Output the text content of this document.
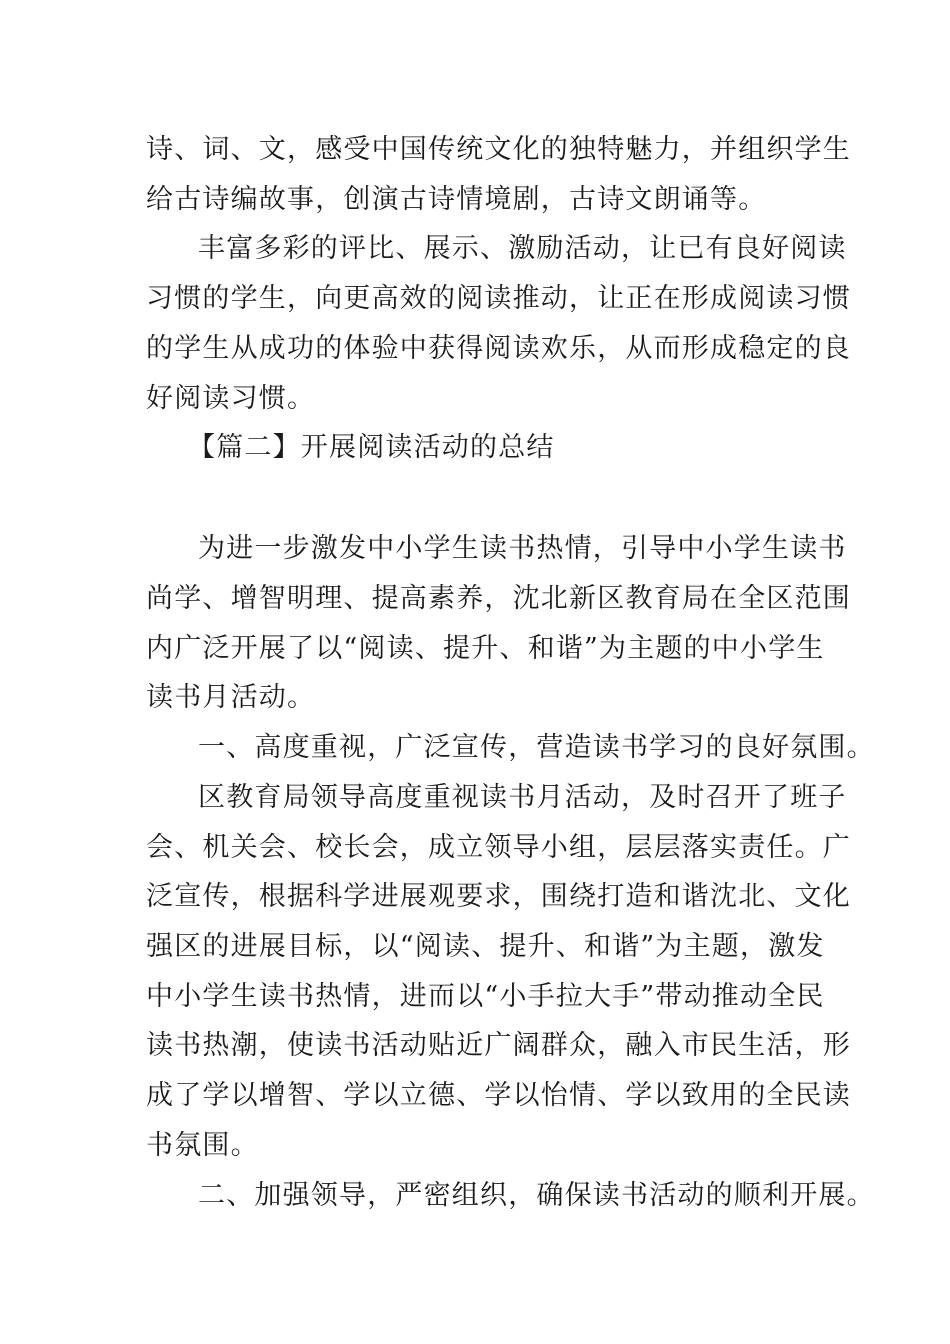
诗、词、文，感受中国传统文化的独特魅力，并组织学生
给古诗编故事，创演古诗情境剧，古诗文朗诵等。
丰富多彩的评比、展示、激励活动，让已有良好阅读
习惯的学生，向更高效的阅读推动，让正在形成阅读习惯
的学生从成功的体验中获得阅读欢乐，从而形成稳定的良
好阅读习惯。
【篇二】开展阅读活动的总结
为进一步激发中小学生读书热情，引导中小学生读书
尚学、增智明理、提高素养，沈北新区教育局在全区范围
内广泛开展了以“阅读、提升、和谐”为主题的中小学生
读书月活动。
一、高度重视，广泛宣传，营造读书学习的良好氛围。
区教育局领导高度重视读书月活动，及时召开了班子
会、机关会、校长会，成立领导小组，层层落实责任。广
泛宣传，根据科学进展观要求，围绕打造和谐沈北、文化
强区的进展目标，以“阅读、提升、和谐”为主题，激发
中小学生读书热情，进而以“小手拉大手”带动推动全民
读书热潮，使读书活动贴近广阔群众，融入市民生活，形
成了学以增智、学以立德、学以怡情、学以致用的全民读
书氛围。
二、加强领导，严密组织，确保读书活动的顺利开展。
